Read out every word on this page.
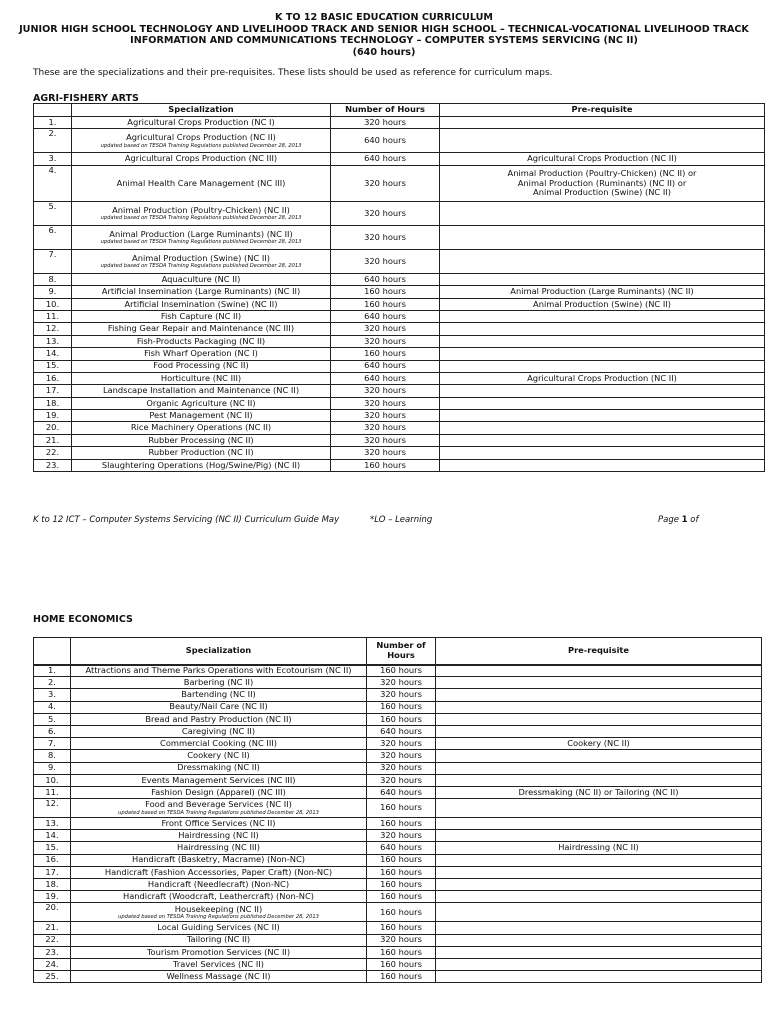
K TO 12 BASIC EDUCATION CURRICULUM
JUNIOR HIGH SCHOOL TECHNOLOGY AND LIVELIHOOD TRACK AND SENIOR HIGH SCHOOL – TECHNICAL-VOCATIONAL LIVELIHOOD TRACK
INFORMATION AND COMMUNICATIONS TECHNOLOGY – COMPUTER SYSTEMS SERVICING (NC II)
(640 hours)
These are the specializations and their pre-requisites. These lists should be used as reference for curriculum maps.
AGRI-FISHERY ARTS
	Specialization	Number of Hours	Pre-requisite
1.	Agricultural Crops Production (NC I)	320 hours	

2.	Agricultural Crops Production (NC II)
updated based on TESDA Training Regulations published December 28, 2013	640 hours	

3.	Agricultural Crops Production (NC III)	640 hours	Agricultural Crops Production (NC II)

4.	Animal Health Care Management (NC III)	320 hours	Animal Production (Poultry-Chicken) (NC II) or
Animal Production (Ruminants) (NC II) or
Animal Production (Swine) (NC II)

5.	Animal Production (Poultry-Chicken) (NC II)
updated based on TESDA Training Regulations published December 28, 2013	320 hours	

6.	Animal Production (Large Ruminants) (NC II)
updated based on TESDA Training Regulations published December 28, 2013	320 hours	

7.	Animal Production (Swine) (NC II)
updated based on TESDA Training Regulations published December 28, 2013	320 hours	

8.	Aquaculture (NC II)	640 hours	

9.	Artificial Insemination (Large Ruminants) (NC II)	160 hours	Animal Production (Large Ruminants) (NC II)

10.	Artificial Insemination (Swine) (NC II)	160 hours	Animal Production (Swine) (NC II)

11.	Fish Capture (NC II)	640 hours	

12.	Fishing Gear Repair and Maintenance (NC III)	320 hours	

13.	Fish-Products Packaging (NC II)	320 hours	

14.	Fish Wharf Operation (NC I)	160 hours	

15.	Food Processing (NC II)	640 hours	

16.	Horticulture (NC III)	640 hours	Agricultural Crops Production (NC II)

17.	Landscape Installation and Maintenance (NC II)	320 hours	

18.	Organic Agriculture (NC II)	320 hours	

19.	Pest Management (NC II)	320 hours	

20.	Rice Machinery Operations (NC II)	320 hours	

21.	Rubber Processing (NC II)	320 hours	

22.	Rubber Production (NC II)	320 hours	

23.	Slaughtering Operations (Hog/Swine/Pig) (NC II)	160 hours	
K to 12 ICT – Computer Systems Servicing (NC II) Curriculum Guide May	*LO – Learning	Page 1 of
HOME ECONOMICS
	Specialization	Number of
Hours	Pre-requisite
1.	Attractions and Theme Parks Operations with Ecotourism (NC II)	160 hours	

2.	Barbering (NC II)	320 hours	

3.	Bartending (NC II)	320 hours	

4.	Beauty/Nail Care (NC II)	160 hours	

5.	Bread and Pastry Production (NC II)	160 hours	

6.	Caregiving (NC II)	640 hours	

7.	Commercial Cooking (NC III)	320 hours	Cookery (NC II)

8.	Cookery (NC II)	320 hours	

9.	Dressmaking (NC II)	320 hours	

10.	Events Management Services (NC III)	320 hours	

11.	Fashion Design (Apparel) (NC III)	640 hours	Dressmaking (NC II) or Tailoring (NC II)

12.	Food and Beverage Services (NC II)
updated based on TESDA Training Regulations published December 28, 2013	160 hours	

13.	Front Office Services (NC II)	160 hours	

14.	Hairdressing (NC II)	320 hours	

15.	Hairdressing (NC III)	640 hours	Hairdressing (NC II)

16.	Handicraft (Basketry, Macrame) (Non-NC)	160 hours	

17.	Handicraft (Fashion Accessories, Paper Craft) (Non-NC)	160 hours	

18.	Handicraft (Needlecraft) (Non-NC)	160 hours	

19.	Handicraft (Woodcraft, Leathercraft) (Non-NC)	160 hours	

20.	Housekeeping (NC II)
updated based on TESDA Training Regulations published December 28, 2013	160 hours	

21.	Local Guiding Services (NC II)	160 hours	

22.	Tailoring (NC II)	320 hours	

23.	Tourism Promotion Services (NC II)	160 hours	

24.	Travel Services (NC II)	160 hours	

25.	Wellness Massage (NC II)	160 hours	
